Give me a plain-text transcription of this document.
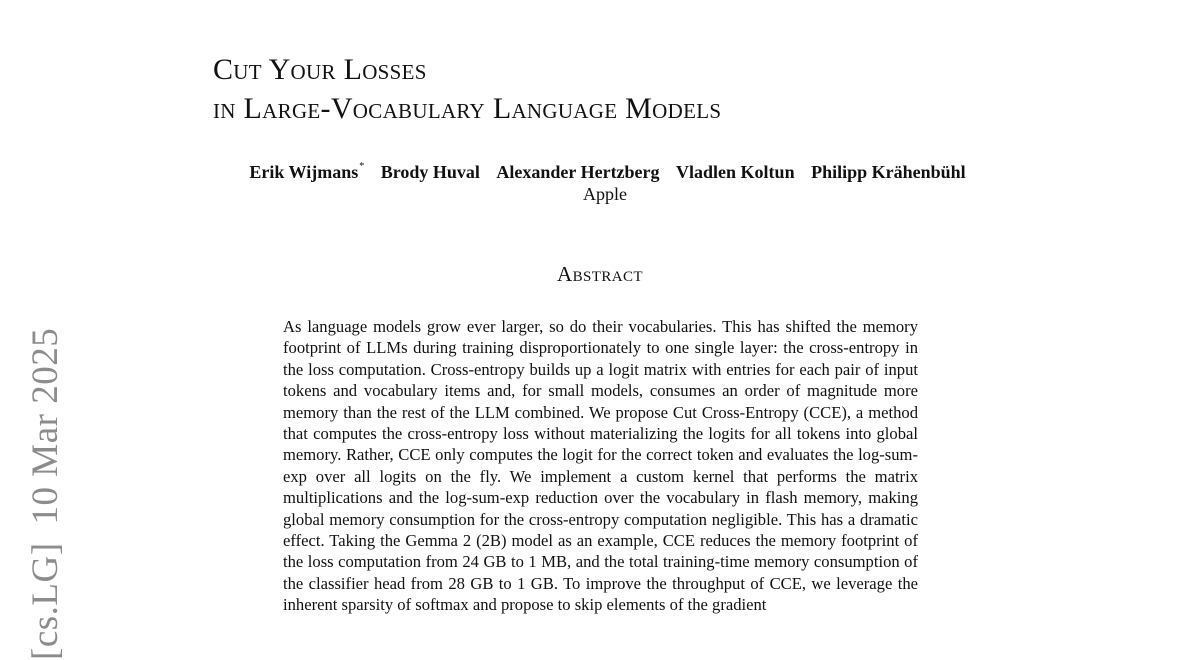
[cs.LG]10 Mar 2025
Cut Your Losses
in Large-Vocabulary Language Models
Erik Wijmans* Brody Huval Alexander Hertzberg Vladlen Koltun Philipp Krähenbühl
Apple
Abstract
As language models grow ever larger, so do their vocabularies. This has shifted the memory footprint of LLMs during training disproportionately to one single layer: the cross-entropy in the loss computation. Cross-entropy builds up a logit matrix with entries for each pair of input tokens and vocabulary items and, for small models, consumes an order of magnitude more memory than the rest of the LLM combined. We propose Cut Cross-Entropy (CCE), a method that computes the cross-entropy loss without materializing the logits for all tokens into global memory. Rather, CCE only computes the logit for the correct token and evaluates the log-sum-exp over all logits on the fly. We implement a custom kernel that performs the matrix multiplications and the log-sum-exp reduction over the vocabulary in flash memory, making global memory consumption for the cross-entropy computation negligible. This has a dramatic effect. Taking the Gemma 2 (2B) model as an example, CCE reduces the memory footprint of the loss computation from 24 GB to 1 MB, and the total training-time memory consumption of the classifier head from 28 GB to 1 GB. To improve the throughput of CCE, we leverage the inherent sparsity of softmax and propose to skip elements of the gradient
